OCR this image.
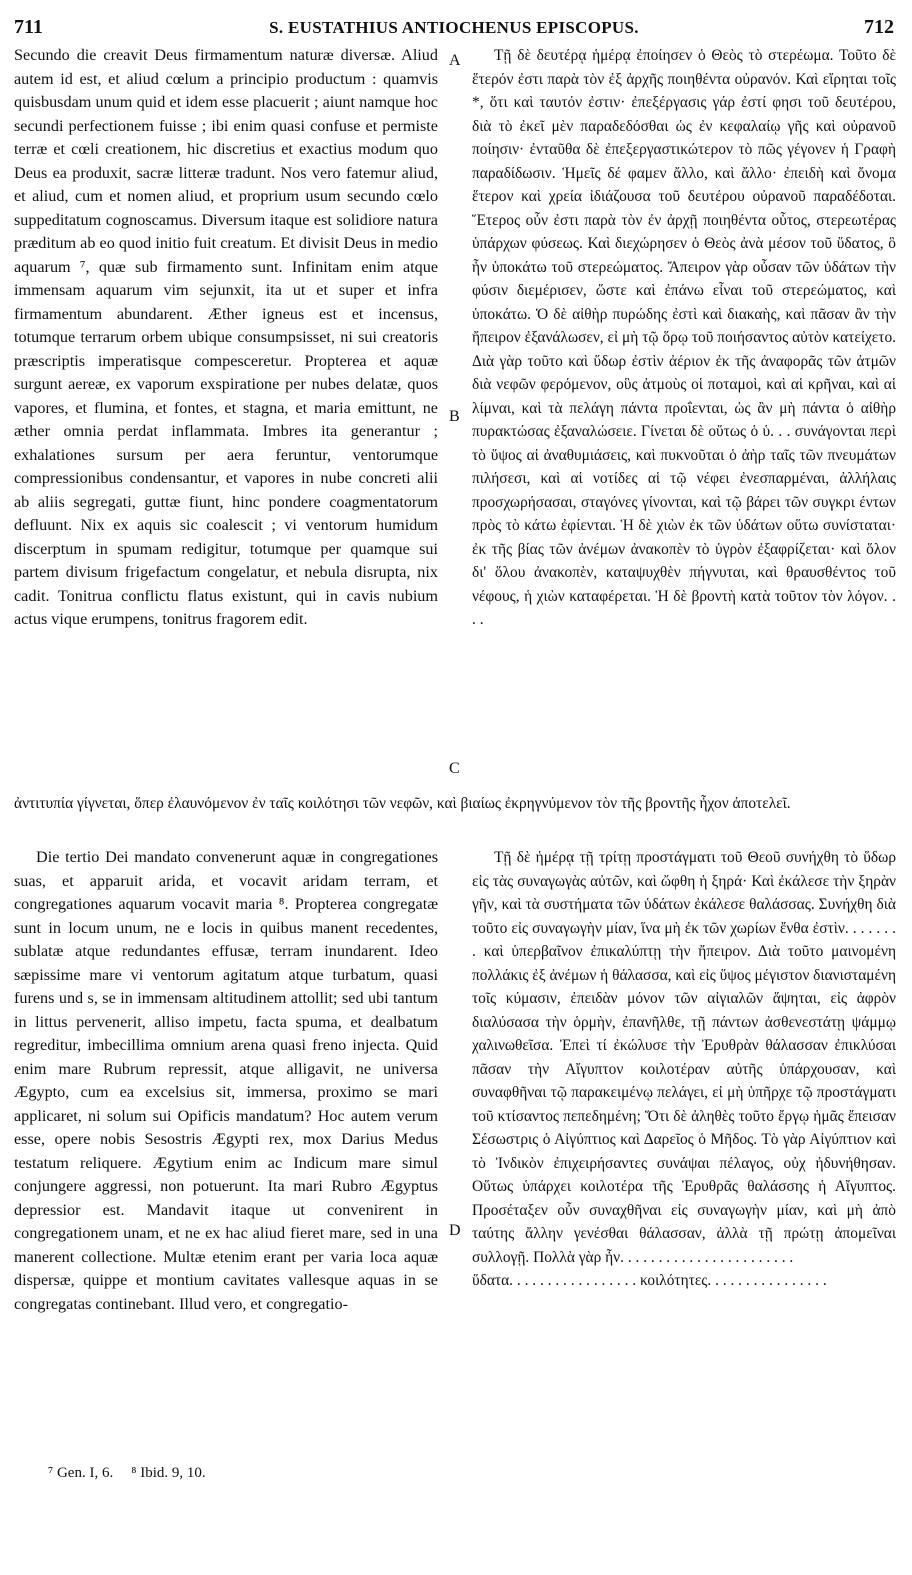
711	S. EUSTATHIUS ANTIOCHENUS EPISCOPUS.	712

Secundo die creavit Deus firmamentum naturæ diversæ. Aliud autem id est, et aliud cœlum a principio productum : quamvis quisbusdam unum quid et idem esse placuerit ; aiunt namque hoc secundi perfectionem fuisse ; ibi enim quasi confuse et permiste terræ et cœli creationem, hic discretius et exactius modum quo Deus ea produxit, sacræ litteræ tradunt. Nos vero fatemur aliud, et aliud, cum et nomen aliud, et proprium usum secundo cœlo suppeditatum cognoscamus. Diversum itaque est solidiore natura præditum ab eo quod initio fuit creatum. Et divisit Deus in medio aquarum ⁷, quæ sub firmamento sunt. Infinitam enim atque immensam aquarum vim sejunxit, ita ut et super et infra firmamentum abundarent. Æther igneus est et incensus, totumque terrarum orbem ubique consumpsisset, ni sui creatoris præscriptis imperatisque compesceretur. Propterea et aquæ surgunt aereæ, ex vaporum exspiratione per nubes delatæ, quos vapores, et flumina, et fontes, et stagna, et maria emittunt, ne æther omnia perdat inflammata. Imbres ita generantur ; exhalationes sursum per aera feruntur, ventorumque compressionibus condensantur, et vapores in nube concreti alii ab aliis segregati, guttæ fiunt, hinc pondere coagmentatorum defluunt. Nix ex aquis sic coalescit ; vi ventorum humidum discerptum in spumam redigitur, totumque per quamque sui partem divisum frigefactum congelatur, et nebula disrupta, nix cadit. Tonitrua conflictu flatus existunt, qui in cavis nubium actus vique erumpens, tonitrus fragorem edit.

Τῇ δὲ δευτέρᾳ ἡμέρᾳ ἐποίησεν ὁ Θεὸς τὸ στερέωμα. Τοῦτο δὲ ἕτερόν ἐστι παρὰ τὸν ἐξ ἀρχῆς ποιηθέντα οὐρανόν. Καὶ εἴρηται τοῖς *, ὅτι καὶ ταυτόν ἐστιν· ἐπεξέργασις γάρ ἐστί φησι τοῦ δευτέρου, διὰ τὸ ἐκεῖ μὲν παραδεδόσθαι ὡς ἐν κεφαλαίῳ γῆς καὶ οὐρανοῦ ποίησιν· ἐνταῦθα δὲ ἐπεξεργαστικώτερον τὸ πῶς γέγονεν ἡ Γραφὴ παραδίδωσιν. Ἡμεῖς δέ φαμεν ἄλλο, καὶ ἄλλο· ἐπειδὴ καὶ ὄνομα ἕτερον καὶ χρεία ἰδιάζουσα τοῦ δευτέρου οὐρανοῦ παραδέδοται. Ἕτερος οὖν ἐστι παρὰ τὸν ἐν ἀρχῇ ποιηθέντα οὗτος, στερεωτέρας ὑπάρχων φύσεως. Καὶ διεχώρησεν ὁ Θεὸς ἀνὰ μέσον τοῦ ὕδατος, ὃ ἦν ὑποκάτω τοῦ στερεώματος. Ἄπειρον γὰρ οὖσαν τῶν ὑδάτων τὴν φύσιν διεμέρισεν, ὥστε καὶ ἐπάνω εἶναι τοῦ στερεώματος, καὶ ὑποκάτω. Ὁ δὲ αἰθὴρ πυρώδης ἐστὶ καὶ διακαὴς, καὶ πᾶσαν ἂν τὴν ἤπειρον ἐξανάλωσεν, εἰ μὴ τῷ ὅρῳ τοῦ ποιήσαντος αὐτὸν κατείχετο. Διὰ γὰρ τοῦτο καὶ ὕδωρ ἐστὶν ἀέριον ἐκ τῆς ἀναφορᾶς τῶν ἀτμῶν διὰ νεφῶν φερόμενον, οὓς ἀτμοὺς οἱ ποταμοὶ, καὶ αἱ κρῆναι, καὶ αἱ λίμναι, καὶ τὰ πελάγη πάντα προΐενται, ὡς ἂν μὴ πάντα ὁ αἰθὴρ πυρακτώσας ἐξαναλώσειε. Γίνεται δὲ οὕτως ὁ ὑ. . . συνάγονται περὶ τὸ ὕψος αἱ ἀναθυμιάσεις, καὶ πυκνοῦται ὁ ἀὴρ ταῖς τῶν πνευμάτων πιλήσεσι, καὶ αἱ νοτίδες αἱ τῷ νέφει ἐνεσπαρμέναι, ἀλλήλαις προσχωρήσασαι, σταγόνες γίνονται, καὶ τῷ βάρει τῶν συγκρι έντων πρὸς τὸ κάτω ἐφίενται. Ἡ δὲ χιὼν ἐκ τῶν ὑδάτων οὕτω συνίσταται· ἐκ τῆς βίας τῶν ἀνέμων ἀνακοπὲν τὸ ὑγρὸν ἐξαφρίζεται· καὶ ὅλον δι' ὅλου ἀνακοπὲν, καταψυχθὲν πήγνυται, καὶ θραυσθέντος τοῦ νέφους, ἡ χιὼν καταφέρεται. Ἡ δὲ βροντὴ κατὰ τοῦτον τὸν λόγον. . . .

A
B
C
D

ἀντιτυπία γίγνεται, ὅπερ ἐλαυνόμενον ἐν ταῖς κοιλότησι τῶν νεφῶν, καὶ βιαίως ἐκρηγνύμενον τὸν τῆς βροντῆς ἦχον ἀποτελεῖ.

Die tertio Dei mandato convenerunt aquæ in congregationes suas, et apparuit arida, et vocavit aridam terram, et congregationes aquarum vocavit maria ⁸. Propterea congregatæ sunt in locum unum, ne e locis in quibus manent recedentes, sublatæ atque redundantes effusæ, terram inundarent. Ideo sæpissime mare vi ventorum agitatum atque turbatum, quasi furens und s, se in immensam altitudinem attollit; sed ubi tantum in littus pervenerit, alliso impetu, facta spuma, et dealbatum regreditur, imbecillima omnium arena quasi freno injecta. Quid enim mare Rubrum repressit, atque alligavit, ne universa Ægypto, cum ea excelsius sit, immersa, proximo se mari applicaret, ni solum sui Opificis mandatum? Hoc autem verum esse, opere nobis Sesostris Ægypti rex, mox Darius Medus testatum reliquere. Ægytium enim ac Indicum mare simul conjungere aggressi, non potuerunt. Ita mari Rubro Ægyptus depressior est. Mandavit itaque ut convenirent in congregationem unam, et ne ex hac aliud fieret mare, sed in una manerent collectione. Multæ etenim erant per varia loca aquæ dispersæ, quippe et montium cavitates vallesque aquas in se congregatas continebant. Illud vero, et congregatio-

Τῇ δὲ ἡμέρᾳ τῇ τρίτῃ προστάγματι τοῦ Θεοῦ συνήχθη τὸ ὕδωρ εἰς τὰς συναγωγὰς αὐτῶν, καὶ ὤφθη ἡ ξηρά· Καὶ ἐκάλεσε τὴν ξηρὰν γῆν, καὶ τὰ συστήματα τῶν ὑδάτων ἐκάλεσε θαλάσσας. Συνήχθη διὰ τοῦτο εἰς συναγωγὴν μίαν, ἵνα μὴ ἐκ τῶν χωρίων ἔνθα ἐστὶν. . . . . . . . καὶ ὑπερβαῖνον ἐπικαλύπτῃ τὴν ἤπειρον. Διὰ τοῦτο μαινομένη πολλάκις ἐξ ἀνέμων ἡ θάλασσα, καὶ εἰς ὕψος μέγιστον διανισταμένη τοῖς κύμασιν, ἐπειδὰν μόνον τῶν αἰγιαλῶν ἅψηται, εἰς ἀφρὸν διαλύσασα τὴν ὁρμὴν, ἐπανῆλθε, τῇ πάντων ἀσθενεστάτῃ ψάμμῳ χαλινωθεῖσα. Ἐπεὶ τί ἐκώλυσε τὴν Ἐρυθρὰν θάλασσαν ἐπικλύσαι πᾶσαν τὴν Αἴγυπτον κοιλοτέραν αὐτῆς ὑπάρχουσαν, καὶ συναφθῆναι τῷ παρακειμένῳ πελάγει, εἰ μὴ ὑπῆρχε τῷ προστάγματι τοῦ κτίσαντος πεπεδημένη; Ὅτι δὲ ἀληθὲς τοῦτο ἔργῳ ἡμᾶς ἔπεισαν Σέσωστρις ὁ Αἰγύπτιος καὶ Δαρεῖος ὁ Μῆδος. Τὸ γὰρ Αἰγύπτιον καὶ τὸ Ἰνδικὸν ἐπιχειρήσαντες συνάψαι πέλαγος, οὐχ ἠδυνήθησαν. Οὕτως ὑπάρχει κοιλοτέρα τῆς Ἐρυθρᾶς θαλάσσης ἡ Αἴγυπτος. Προσέταξεν οὖν συναχθῆναι εἰς συναγωγὴν μίαν, καὶ μὴ ἀπὸ ταύτης ἄλλην γενέσθαι θάλασσαν, ἀλλὰ τῇ πρώτῃ ἀπομεῖναι συλλογῇ. Πολλὰ γὰρ ἦν. . . . . . . . . . . . . . . . . . . . . . .

ὕδατα. . . . . . . . . . . . . . . . . κοιλότητες. . . . . . . . . . . . . . . .

⁷ Gen. I, 6. ⁸ Ibid. 9, 10.
